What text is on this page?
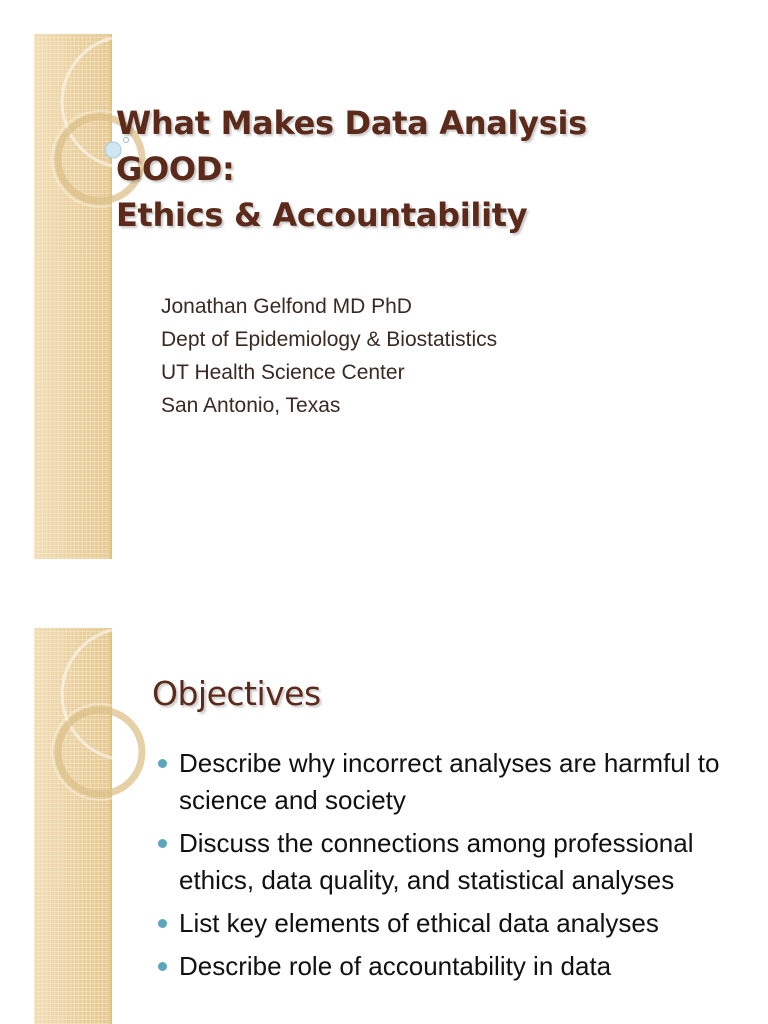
What Makes Data Analysis
GOOD:
Ethics & Accountability
Jonathan Gelfond MD PhD
Dept of Epidemiology & Biostatistics
UT Health Science Center
San Antonio, Texas
Objectives
Describe why incorrect analyses are harmful to science and society
Discuss the connections among professional ethics, data quality, and statistical analyses
List key elements of ethical data analyses
Describe role of accountability in data
